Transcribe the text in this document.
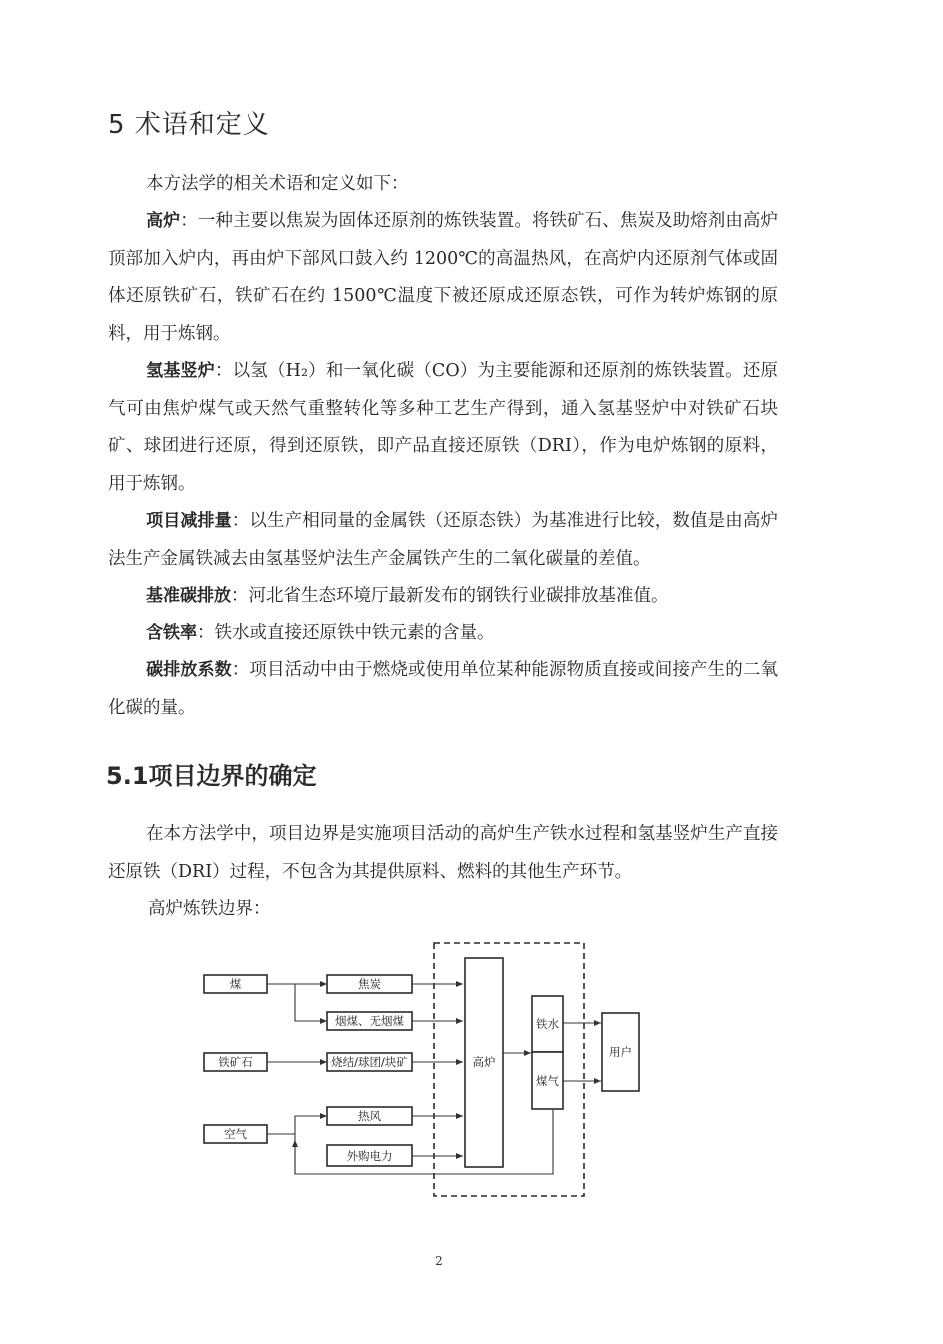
5 术语和定义

本方法学的相关术语和定义如下：

高炉：一种主要以焦炭为固体还原剂的炼铁装置。将铁矿石、焦炭及助熔剂由高炉顶部加入炉内，再由炉下部风口鼓入约 1200℃的高温热风，在高炉内还原剂气体或固体还原铁矿石，铁矿石在约 1500℃温度下被还原成还原态铁，可作为转炉炼钢的原料，用于炼钢。

氢基竖炉：以氢（H₂）和一氧化碳（CO）为主要能源和还原剂的炼铁装置。还原气可由焦炉煤气或天然气重整转化等多种工艺生产得到，通入氢基竖炉中对铁矿石块矿、球团进行还原，得到还原铁，即产品直接还原铁（DRI），作为电炉炼钢的原料，用于炼钢。

项目减排量：以生产相同量的金属铁（还原态铁）为基准进行比较，数值是由高炉法生产金属铁减去由氢基竖炉法生产金属铁产生的二氧化碳量的差值。

基准碳排放：河北省生态环境厅最新发布的钢铁行业碳排放基准值。

含铁率：铁水或直接还原铁中铁元素的含量。

碳排放系数：项目活动中由于燃烧或使用单位某种能源物质直接或间接产生的二氧化碳的量。

5.1项目边界的确定

在本方法学中，项目边界是实施项目活动的高炉生产铁水过程和氢基竖炉生产直接还原铁（DRI）过程，不包含为其提供原料、燃料的其他生产环节。

高炉炼铁边界：

煤
铁矿石
空气
焦炭
烟煤、无烟煤
烧结/球团/块矿
热风
外购电力
高炉
铁水
煤气
用户
2
